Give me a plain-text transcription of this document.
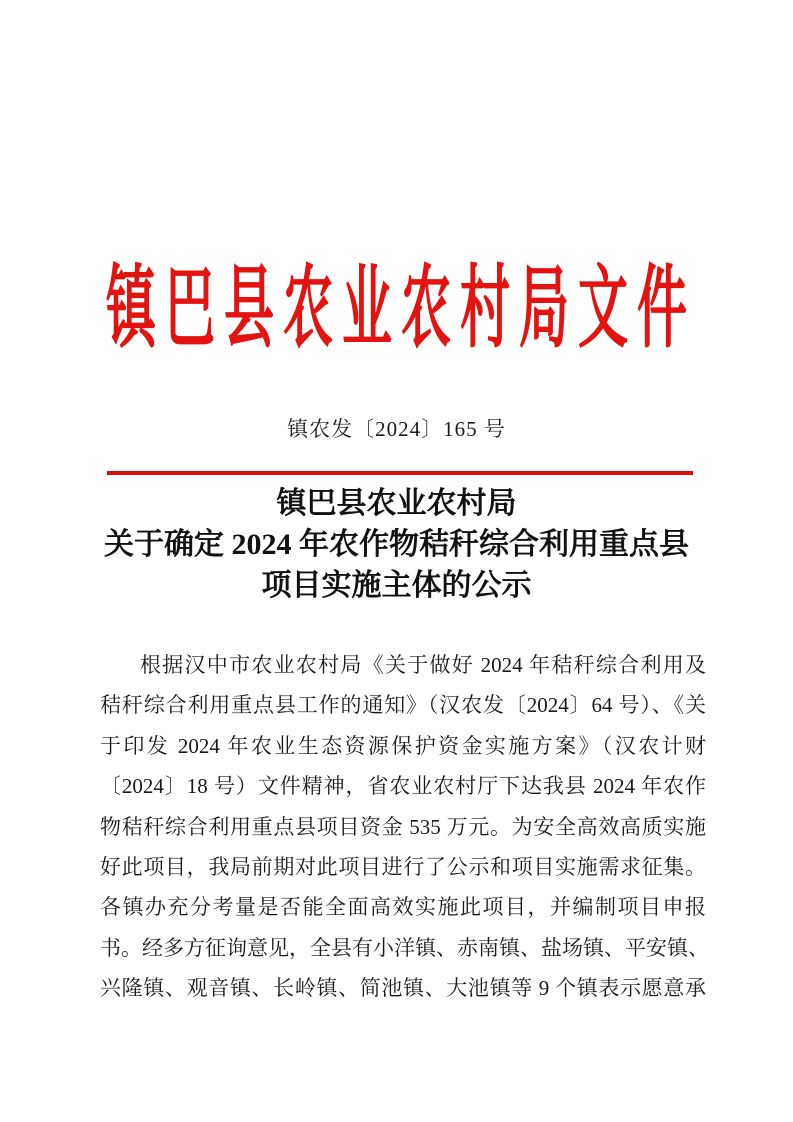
镇巴县农业农村局文件
镇农发〔2024〕165 号
镇巴县农业农村局
关于确定 2024 年农作物秸秆综合利用重点县
项目实施主体的公示
根据汉中市农业农村局《关于做好 2024 年秸秆综合利用及
秸秆综合利用重点县工作的通知》（汉农发〔2024〕64 号）、《关
于印发 2024 年农业生态资源保护资金实施方案》（汉农计财
〔2024〕18 号）文件精神，省农业农村厅下达我县 2024 年农作
物秸秆综合利用重点县项目资金 535 万元。为安全高效高质实施
好此项目，我局前期对此项目进行了公示和项目实施需求征集。
各镇办充分考量是否能全面高效实施此项目，并编制项目申报
书。经多方征询意见，全县有小洋镇、赤南镇、盐场镇、平安镇、
兴隆镇、观音镇、长岭镇、简池镇、大池镇等 9 个镇表示愿意承
